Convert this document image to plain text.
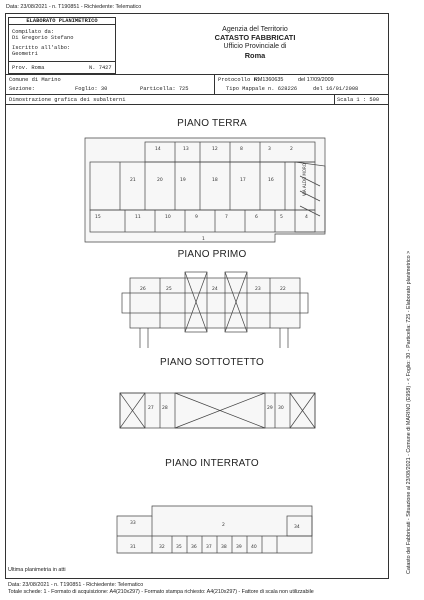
Data: 23/08/2021 - n. T190851 - Richiedente: Telematico
ELABORATO PLANIMETRICO
Compilato da:
Di Gregorio Stefano
Iscritto all'albo:
Geometri
Prov. Roma	N. 7427
Agenzia del Territorio
CATASTO FABBRICATI
Ufficio Provinciale di
Roma
Comune di Marino	Protocollo n.
RM1360635	del 17/09/2009
Sezione:	Foglio: 30	Particella: 725	Tipo Mappale n. 628226	del 16/01/2008
Dimostrazione grafica dei subalterni	Scala 1 : 500
PIANO TERRA
PIANO PRIMO
PIANO SOTTOTETTO
PIANO INTERRATO
14	13	12	8	3	2
21	20	19	18	17	16
15	11	10	9	7	6	5	4
1
VIA ALDO MORO
26	25	24	23	22
27 28	29 30
33	2	34
31	32	35 36 37 38 39 40
Ultima planimetria in atti
Data: 23/08/2021 - n. T190851 - Richiedente: Telematico
Totale schede: 1 - Formato di acquisizione: A4(210x297) - Formato stampa richiesto: A4(210x297) - Fattore di scala non utilizzabile
Catasto dei Fabbricati - Situazione al 23/08/2021 - Comune di MARINO (E958) - < Foglio: 30 - Particella: 725 - Elaborato planimetrico >
